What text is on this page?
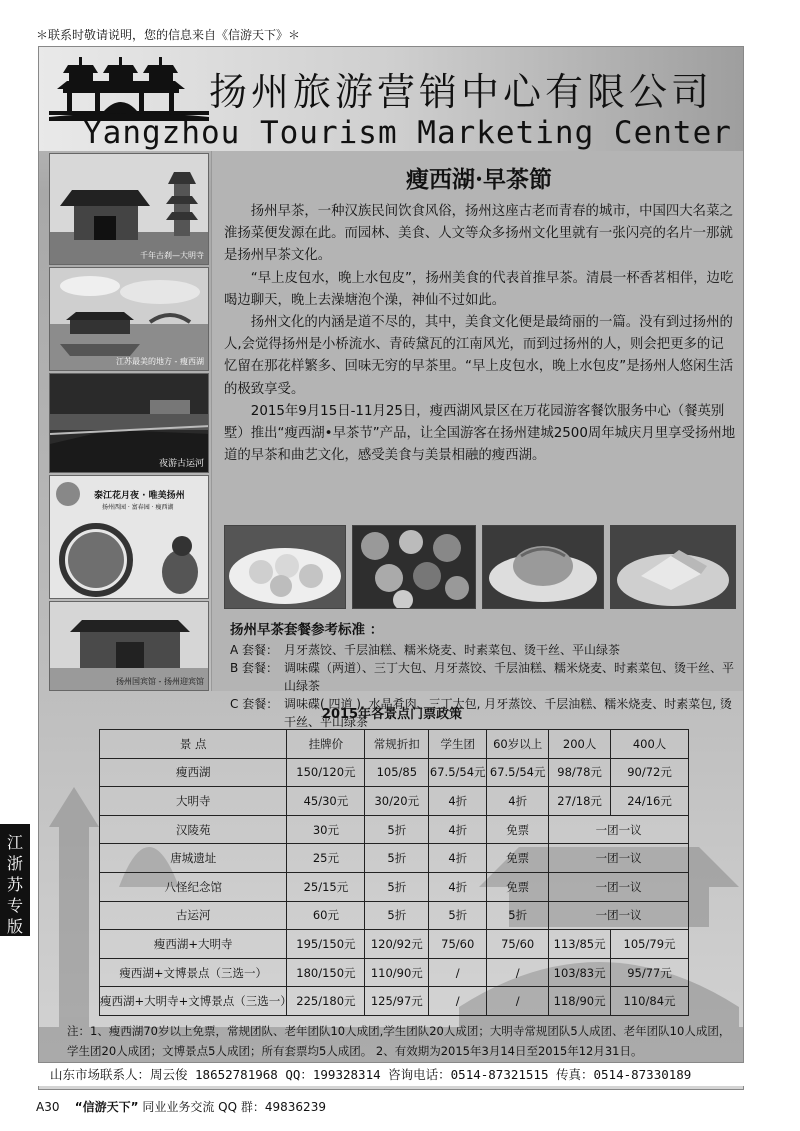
＊联系时敬请说明，您的信息来自《信游天下》＊
扬州旅游营销中心有限公司
Yangzhou Tourism Marketing Center
千年古刹—大明寺
江苏最美的地方 - 瘦西湖
夜游古运河
泰江花月夜 · 唯美扬州
扬州西园 · 富春园 · 瘦西湖
扬州国宾馆 - 扬州迎宾馆
瘦西湖·早茶節

扬州早茶，一种汉族民间饮食风俗，扬州这座古老而青春的城市，中国四大名菜之淮扬菜便发源在此。而园林、美食、人文等众多扬州文化里就有一张闪亮的名片一那就是扬州早茶文化。

“早上皮包水，晚上水包皮”，扬州美食的代表首推早茶。清晨一杯香茗相伴，边吃喝边聊天，晚上去澡塘泡个澡，神仙不过如此。

扬州文化的内涵是道不尽的，其中，美食文化便是最绮丽的一篇。没有到过扬州的人,会觉得扬州是小桥流水、青砖黛瓦的江南风光，而到过扬州的人，则会把更多的记忆留在那花样繁多、回味无穷的早茶里。“早上皮包水，晚上水包皮”是扬州人悠闲生活的极致享受。

2015年9月15日-11月25日，瘦西湖风景区在万花园游客餐饮服务中心（餐英别墅）推出“瘦西湖•早茶节”产品，让全国游客在扬州建城2500周年城庆月里享受扬州地道的早茶和曲艺文化，感受美食与美景相融的瘦西湖。

扬州早茶套餐参考标准 ：
A 套餐： 月牙蒸饺、千层油糕、糯米烧麦、时素菜包、烫干丝、平山绿茶
B 套餐： 调味碟（两道）、三丁大包、月牙蒸饺、千层油糕、糯米烧麦、时素菜包、烫干丝、平山绿茶
C 套餐： 调味碟( 四道 ), 水晶肴肉、三丁大包, 月牙蒸饺、千层油糕、糯米烧麦、时素菜包, 烫干丝、平山绿茶
2015年各景点门票政策
景 点	挂牌价	常规折扣	学生团	60岁以上	200人	400人
瘦西湖	150/120元	105/85	67.5/54元	67.5/54元	98/78元	90/72元
大明寺	45/30元	30/20元	4折	4折	27/18元	24/16元
汉陵苑	30元	5折	4折	免票	一团一议	
唐城遗址	25元	5折	4折	免票	一团一议	
八怪纪念馆	25/15元	5折	4折	免票	一团一议	
古运河	60元	5折	5折	5折	一团一议	
瘦西湖+大明寺	195/150元	120/92元	75/60	75/60	113/85元	105/79元
瘦西湖+文博景点（三选一）	180/150元	110/90元	/	/	103/83元	95/77元
瘦西湖+大明寺+文博景点（三选一）	225/180元	125/97元	/	/	118/90元	110/84元
注：1、瘦西湖70岁以上免票，常规团队、老年团队10人成团,学生团队20人成团；大明寺常规团队5人成团、老年团队10人成团，学生团20人成团；文博景点5人成团；所有套票均5人成团。 2、有效期为2015年3月14日至2015年12月31日。
山东市场联系人：周云俊 18652781968 QQ：199328314 咨询电话：0514-87321515 传真：0514-87330189
江
浙
苏
专
版
A30 “信游天下” 同业业务交流 QQ 群：49836239
